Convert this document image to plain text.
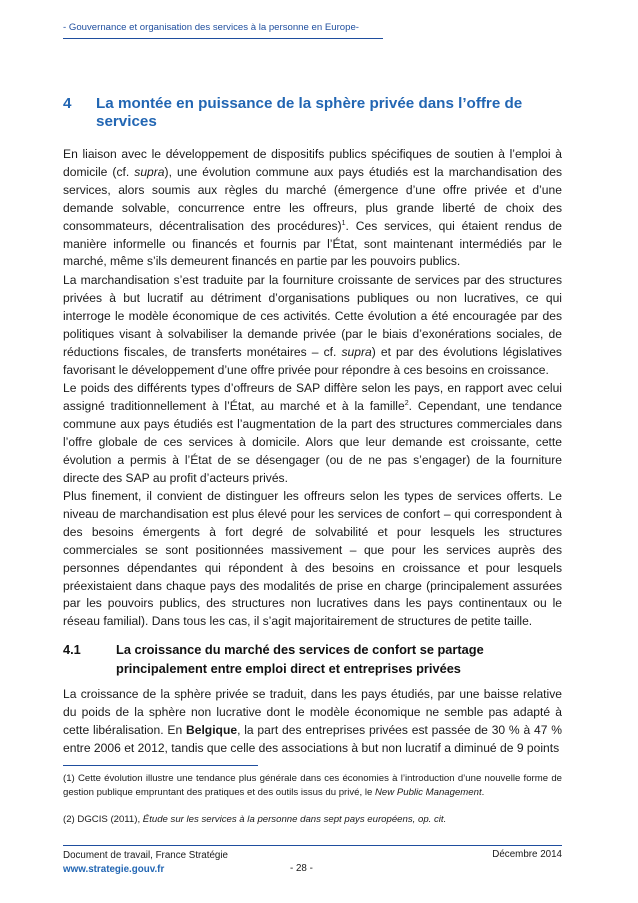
- Gouvernance et organisation des services à la personne en Europe-
4 La montée en puissance de la sphère privée dans l’offre de services
En liaison avec le développement de dispositifs publics spécifiques de soutien à l’emploi à domicile (cf. supra), une évolution commune aux pays étudiés est la marchandisation des services, alors soumis aux règles du marché (émergence d’une offre privée et d’une demande solvable, concurrence entre les offreurs, plus grande liberté de choix des consommateurs, décentralisation des procédures)$^1$. Ces services, qui étaient rendus de manière informelle ou financés et fournis par l’État, sont maintenant intermédiés par le marché, même s’ils demeurent financés en partie par les pouvoirs publics.
La marchandisation s’est traduite par la fourniture croissante de services par des structures privées à but lucratif au détriment d’organisations publiques ou non lucratives, ce qui interroge le modèle économique de ces activités. Cette évolution a été encouragée par des politiques visant à solvabiliser la demande privée (par le biais d’exonérations sociales, de réductions fiscales, de transferts monétaires – cf. supra) et par des évolutions législatives favorisant le développement d’une offre privée pour répondre à ces besoins en croissance.
Le poids des différents types d’offreurs de SAP diffère selon les pays, en rapport avec celui assigné traditionnellement à l’État, au marché et à la famille$^2$. Cependant, une tendance commune aux pays étudiés est l’augmentation de la part des structures commerciales dans l’offre globale de ces services à domicile. Alors que leur demande est croissante, cette évolution a permis à l’État de se désengager (ou de ne pas s’engager) de la fourniture directe des SAP au profit d’acteurs privés.
Plus finement, il convient de distinguer les offreurs selon les types de services offerts. Le niveau de marchandisation est plus élevé pour les services de confort – qui correspondent à des besoins émergents à fort degré de solvabilité et pour lesquels les structures commerciales se sont positionnées massivement – que pour les services auprès des personnes dépendantes qui répondent à des besoins en croissance et pour lesquels préexistaient dans chaque pays des modalités de prise en charge (principalement assurées par les pouvoirs publics, des structures non lucratives dans les pays continentaux ou le réseau familial). Dans tous les cas, il s’agit majoritairement de structures de petite taille.
4.1	La croissance du marché des services de confort se partage principalement entre emploi direct et entreprises privées
La croissance de la sphère privée se traduit, dans les pays étudiés, par une baisse relative du poids de la sphère non lucrative dont le modèle économique ne semble pas adapté à cette libéralisation. En Belgique, la part des entreprises privées est passée de 30 % à 47 % entre 2006 et 2012, tandis que celle des associations à but non lucratif a diminué de 9 points
(1) Cette évolution illustre une tendance plus générale dans ces économies à l’introduction d’une nouvelle forme de gestion publique empruntant des pratiques et des outils issus du privé, le New Public Management.
(2) DGCIS (2011), Étude sur les services à la personne dans sept pays européens, op. cit.
Document de travail, France Stratégie
www.strategie.gouv.fr	- 28 -
Décembre 2014
